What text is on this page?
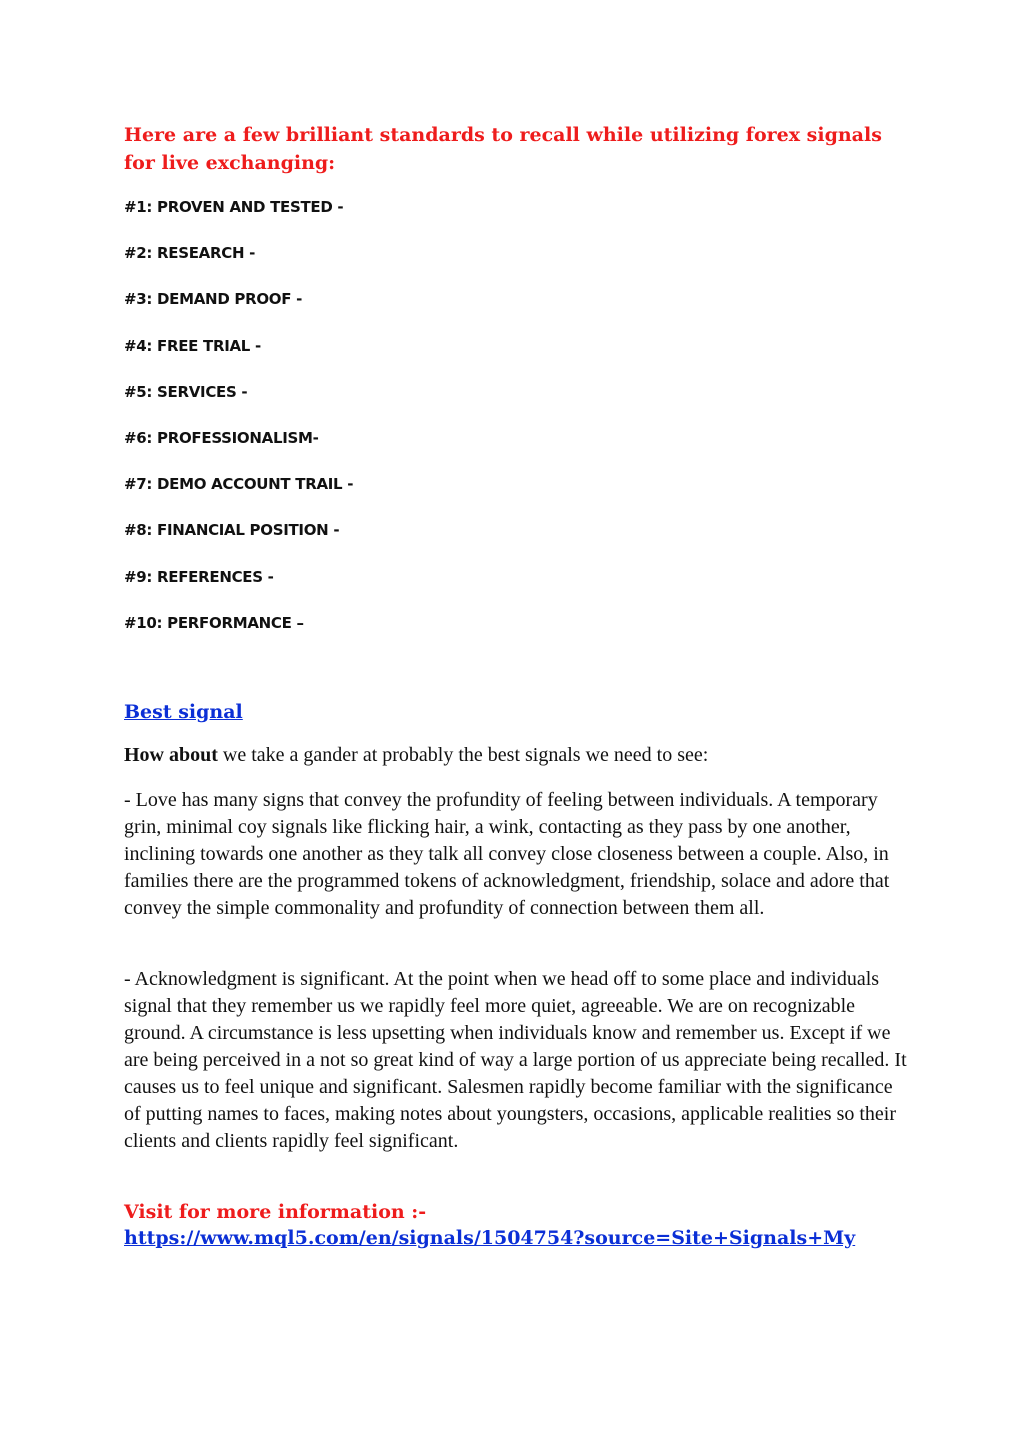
Here are a few brilliant standards to recall while utilizing forex signals for live exchanging:
#1: PROVEN AND TESTED -
#2: RESEARCH -
#3: DEMAND PROOF -
#4: FREE TRIAL -
#5: SERVICES -
#6: PROFESSIONALISM-
#7: DEMO ACCOUNT TRAIL -
#8: FINANCIAL POSITION -
#9: REFERENCES -
#10: PERFORMANCE –
Best signal

How about we take a gander at probably the best signals we need to see:

- Love has many signs that convey the profundity of feeling between individuals. A temporary grin, minimal coy signals like flicking hair, a wink, contacting as they pass by one another, inclining towards one another as they talk all convey close closeness between a couple. Also, in families there are the programmed tokens of acknowledgment, friendship, solace and adore that convey the simple commonality and profundity of connection between them all.

- Acknowledgment is significant. At the point when we head off to some place and individuals signal that they remember us we rapidly feel more quiet, agreeable. We are on recognizable ground. A circumstance is less upsetting when individuals know and remember us. Except if we are being perceived in a not so great kind of way a large portion of us appreciate being recalled. It causes us to feel unique and significant. Salesmen rapidly become familiar with the significance of putting names to faces, making notes about youngsters, occasions, applicable realities so their clients and clients rapidly feel significant.

Visit for more information :-
https://www.mql5.com/en/signals/1504754?source=Site+Signals+My
